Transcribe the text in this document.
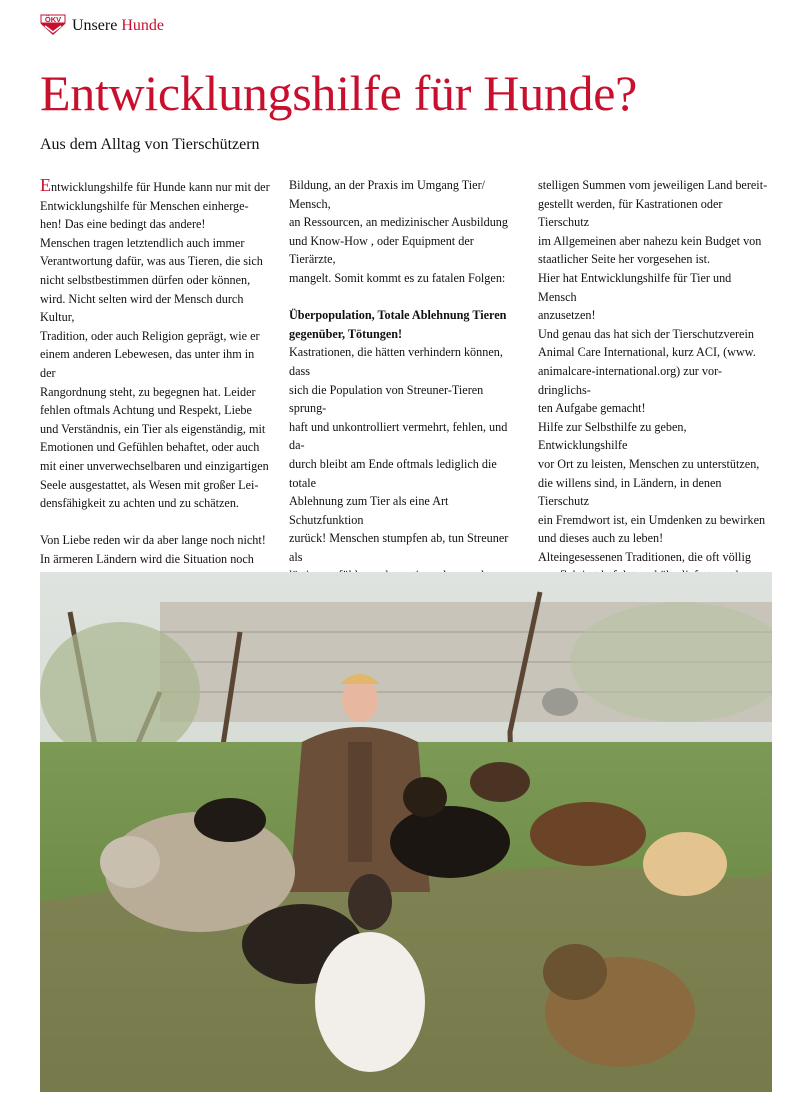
ÖKV Unsere Hunde
Entwicklungshilfe für Hunde?
Aus dem Alltag von Tierschützern

Entwicklungshilfe für Hunde kann nur mit der

Entwicklungshilfe für Menschen einherge-

hen! Das eine bedingt das andere!

Menschen tragen letztendlich auch immer

Verantwortung dafür, was aus Tieren, die sich

nicht selbstbestimmen dürfen oder können,

wird. Nicht selten wird der Mensch durch Kultur,

Tradition, oder auch Religion geprägt, wie er

einem anderen Lebewesen, das unter ihm in der

Rangordnung steht, zu begegnen hat. Leider

fehlen oftmals Achtung und Respekt, Liebe

und Verständnis, ein Tier als eigenständig, mit

Emotionen und Gefühlen behaftet, oder auch

mit einer unverwechselbaren und einzigartigen

Seele ausgestattet, als Wesen mit großer Lei-

densfähigkeit zu achten und zu schätzen.

Von Liebe reden wir da aber lange noch nicht!

In ärmeren Ländern wird die Situation noch

Bildung, an der Praxis im Umgang Tier/ Mensch,

an Ressourcen, an medizinischer Ausbildung

und Know-How , oder Equipment der Tierärzte,

mangelt. Somit kommt es zu fatalen Folgen:

Überpopulation, Totale Ablehnung Tieren

gegenüber, Tötungen!

Kastrationen, die hätten verhindern können, dass

sich die Population von Streuner-Tieren sprung-

haft und unkontrolliert vermehrt, fehlen, und da-

durch bleibt am Ende oftmals lediglich die totale

Ablehnung zum Tier als eine Art Schutzfunktion

zurück! Menschen stumpfen ab, tun Streuner als

stelligen Summen vom jeweiligen Land bereit-

gestellt werden, für Kastrationen oder Tierschutz

im Allgemeinen aber nahezu kein Budget von

staatlicher Seite her vorgesehen ist.

Hier hat Entwicklungshilfe für Tier und Mensch

anzusetzen!

Und genau das hat sich der Tierschutzverein

Animal Care International, kurz ACI, (www.

animalcare-international.org) zur vor- dringlichs-

ten Aufgabe gemacht!

Hilfe zur Selbsthilfe zu geben, Entwicklungshilfe

vor Ort zu leisten, Menschen zu unterstützen,

die willens sind, in Ländern, in denen Tierschutz

ein Fremdwort ist, ein Umdenken zu bewirken

und dieses auch zu leben!

Alteingesessenen Traditionen, die oft völlig
